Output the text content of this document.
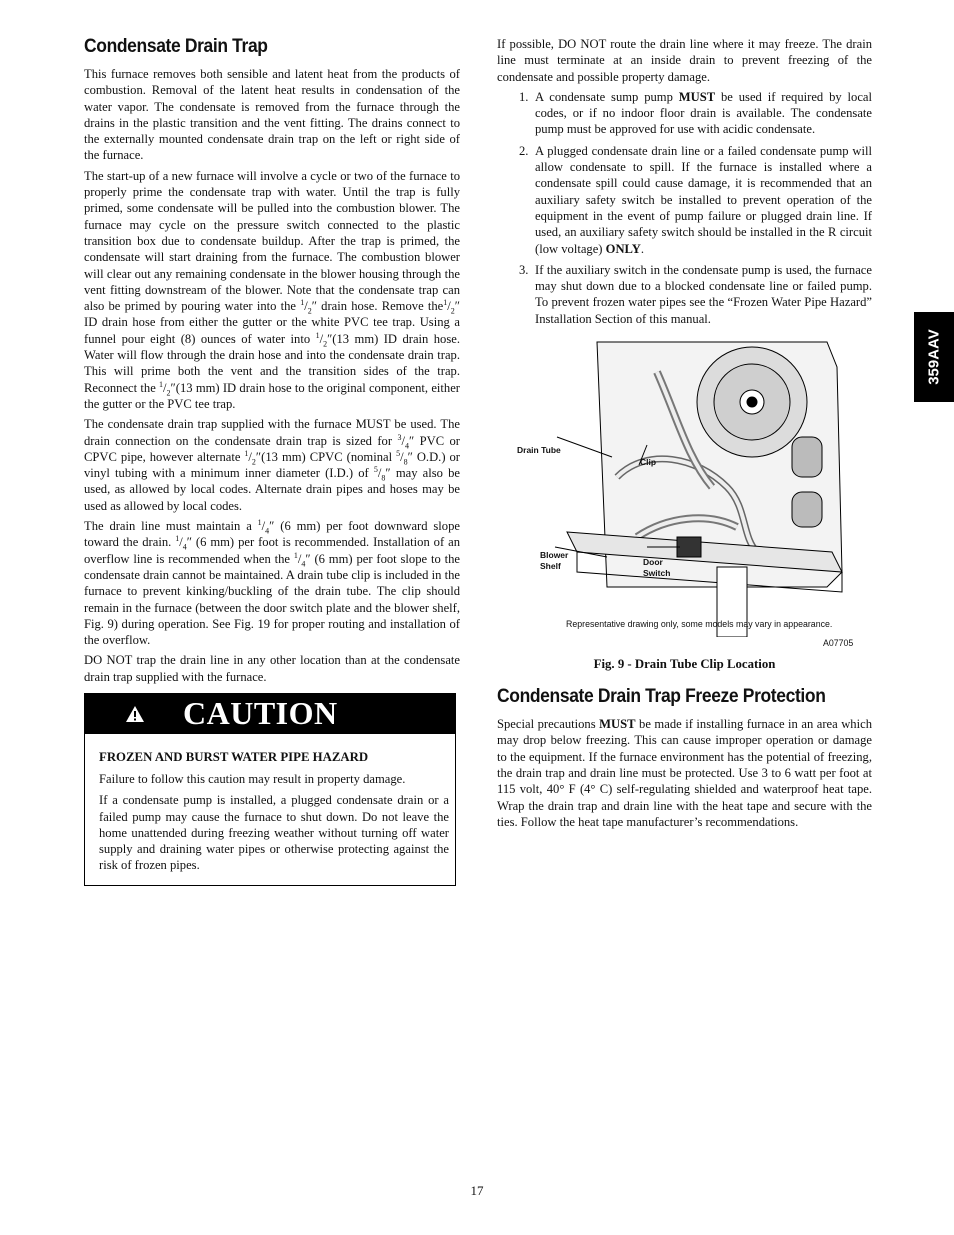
Condensate Drain Trap

This furnace removes both sensible and latent heat from the products of combustion. Removal of the latent heat results in condensation of the water vapor. The condensate is removed from the furnace through the drains in the plastic transition and the vent fitting. The drains connect to the externally mounted condensate drain trap on the left or right side of the furnace.

The start-up of a new furnace will involve a cycle or two of the furnace to properly prime the condensate trap with water. Until the trap is fully primed, some condensate will be pulled into the combustion blower. The furnace may cycle on the pressure switch connected to the plastic transition box due to condensate buildup. After the trap is primed, the condensate will start draining from the furnace. The combustion blower will clear out any remaining condensate in the blower housing through the vent fitting downstream of the blower. Note that the condensate trap can also be primed by pouring water into the $^1/_2''$ drain hose. Remove $the^1/_2''$ ID drain hose from either the gutter or the white PVC tee trap. Using a funnel pour eight (8) ounces of water into $^1/_2''(13$ mm) ID drain hose. Water will flow through the drain hose and into the condensate drain trap. This will prime both the vent and the transition sides of the trap. Reconnect the $^1/_2''(13$ mm) ID drain hose to the original component, either the gutter or the PVC tee trap.

The condensate drain trap supplied with the furnace MUST be used. The drain connection on the condensate drain trap is sized for $^3/_4''$ PVC or CPVC pipe, however alternate $^1/_2''(13$ mm) CPVC (nominal $^5/_8''$ O.D.) or vinyl tubing with a minimum inner diameter (I.D.) of $^5/_8''$ may also be used, as allowed by local codes. Alternate drain pipes and hoses may be used as allowed by local codes.

The drain line must maintain a $^1/_4''$ (6 mm) per foot downward slope toward the drain. $^1/_4''$ (6 mm) per foot is recommended. Installation of an overflow line is recommended when the $^1/_4''$ (6 mm) per foot slope to the condensate drain cannot be maintained. A drain tube clip is included in the furnace to prevent kinking/buckling of the drain tube. The clip should remain in the furnace (between the door switch plate and the blower shelf, Fig. 9) during operation. See Fig. 19 for proper routing and installation of the overflow.

DO NOT trap the drain line in any other location than at the condensate drain trap supplied with the furnace.

CAUTION
FROZEN AND BURST WATER PIPE HAZARD

Failure to follow this caution may result in property damage.

If a condensate pump is installed, a plugged condensate drain or a failed pump may cause the furnace to shut down. Do not leave the home unattended during freezing weather without turning off water supply and draining water pipes or otherwise protecting against the risk of frozen pipes.

If possible, DO NOT route the drain line where it may freeze. The drain line must terminate at an inside drain to prevent freezing of the condensate and possible property damage.

1. A condensate sump pump MUST be used if required by local codes, or if no indoor floor drain is available. The condensate pump must be approved for use with acidic condensate.
2. A plugged condensate drain line or a failed condensate pump will allow condensate to spill. If the furnace is installed where a condensate spill could cause damage, it is recommended that an auxiliary safety switch be installed to prevent operation of the equipment in the event of pump failure or plugged drain line. If used, an auxiliary safety switch should be installed in the R circuit (low voltage) ONLY.
3. If the auxiliary switch in the condensate pump is used, the furnace may shut down due to a blocked condensate line or failed pump. To prevent frozen water pipes see the “Frozen Water Pipe Hazard” Installation Section of this manual.
Drain Tube
Clip
Blower
Shelf	Door
Switch
Representative drawing only, some models may vary in appearance.
A07705

Fig. 9 - Drain Tube Clip Location

Condensate Drain Trap Freeze Protection

Special precautions MUST be made if installing furnace in an area which may drop below freezing. This can cause improper operation or damage to the equipment. If the furnace environment has the potential of freezing, the drain trap and drain line must be protected. Use 3 to 6 watt per foot at 115 volt, 40° F (4° C) self-regulating shielded and waterproof heat tape. Wrap the drain trap and drain line with the heat tape and secure with the ties. Follow the heat tape manufacturer’s recommendations.

359AAV
17
